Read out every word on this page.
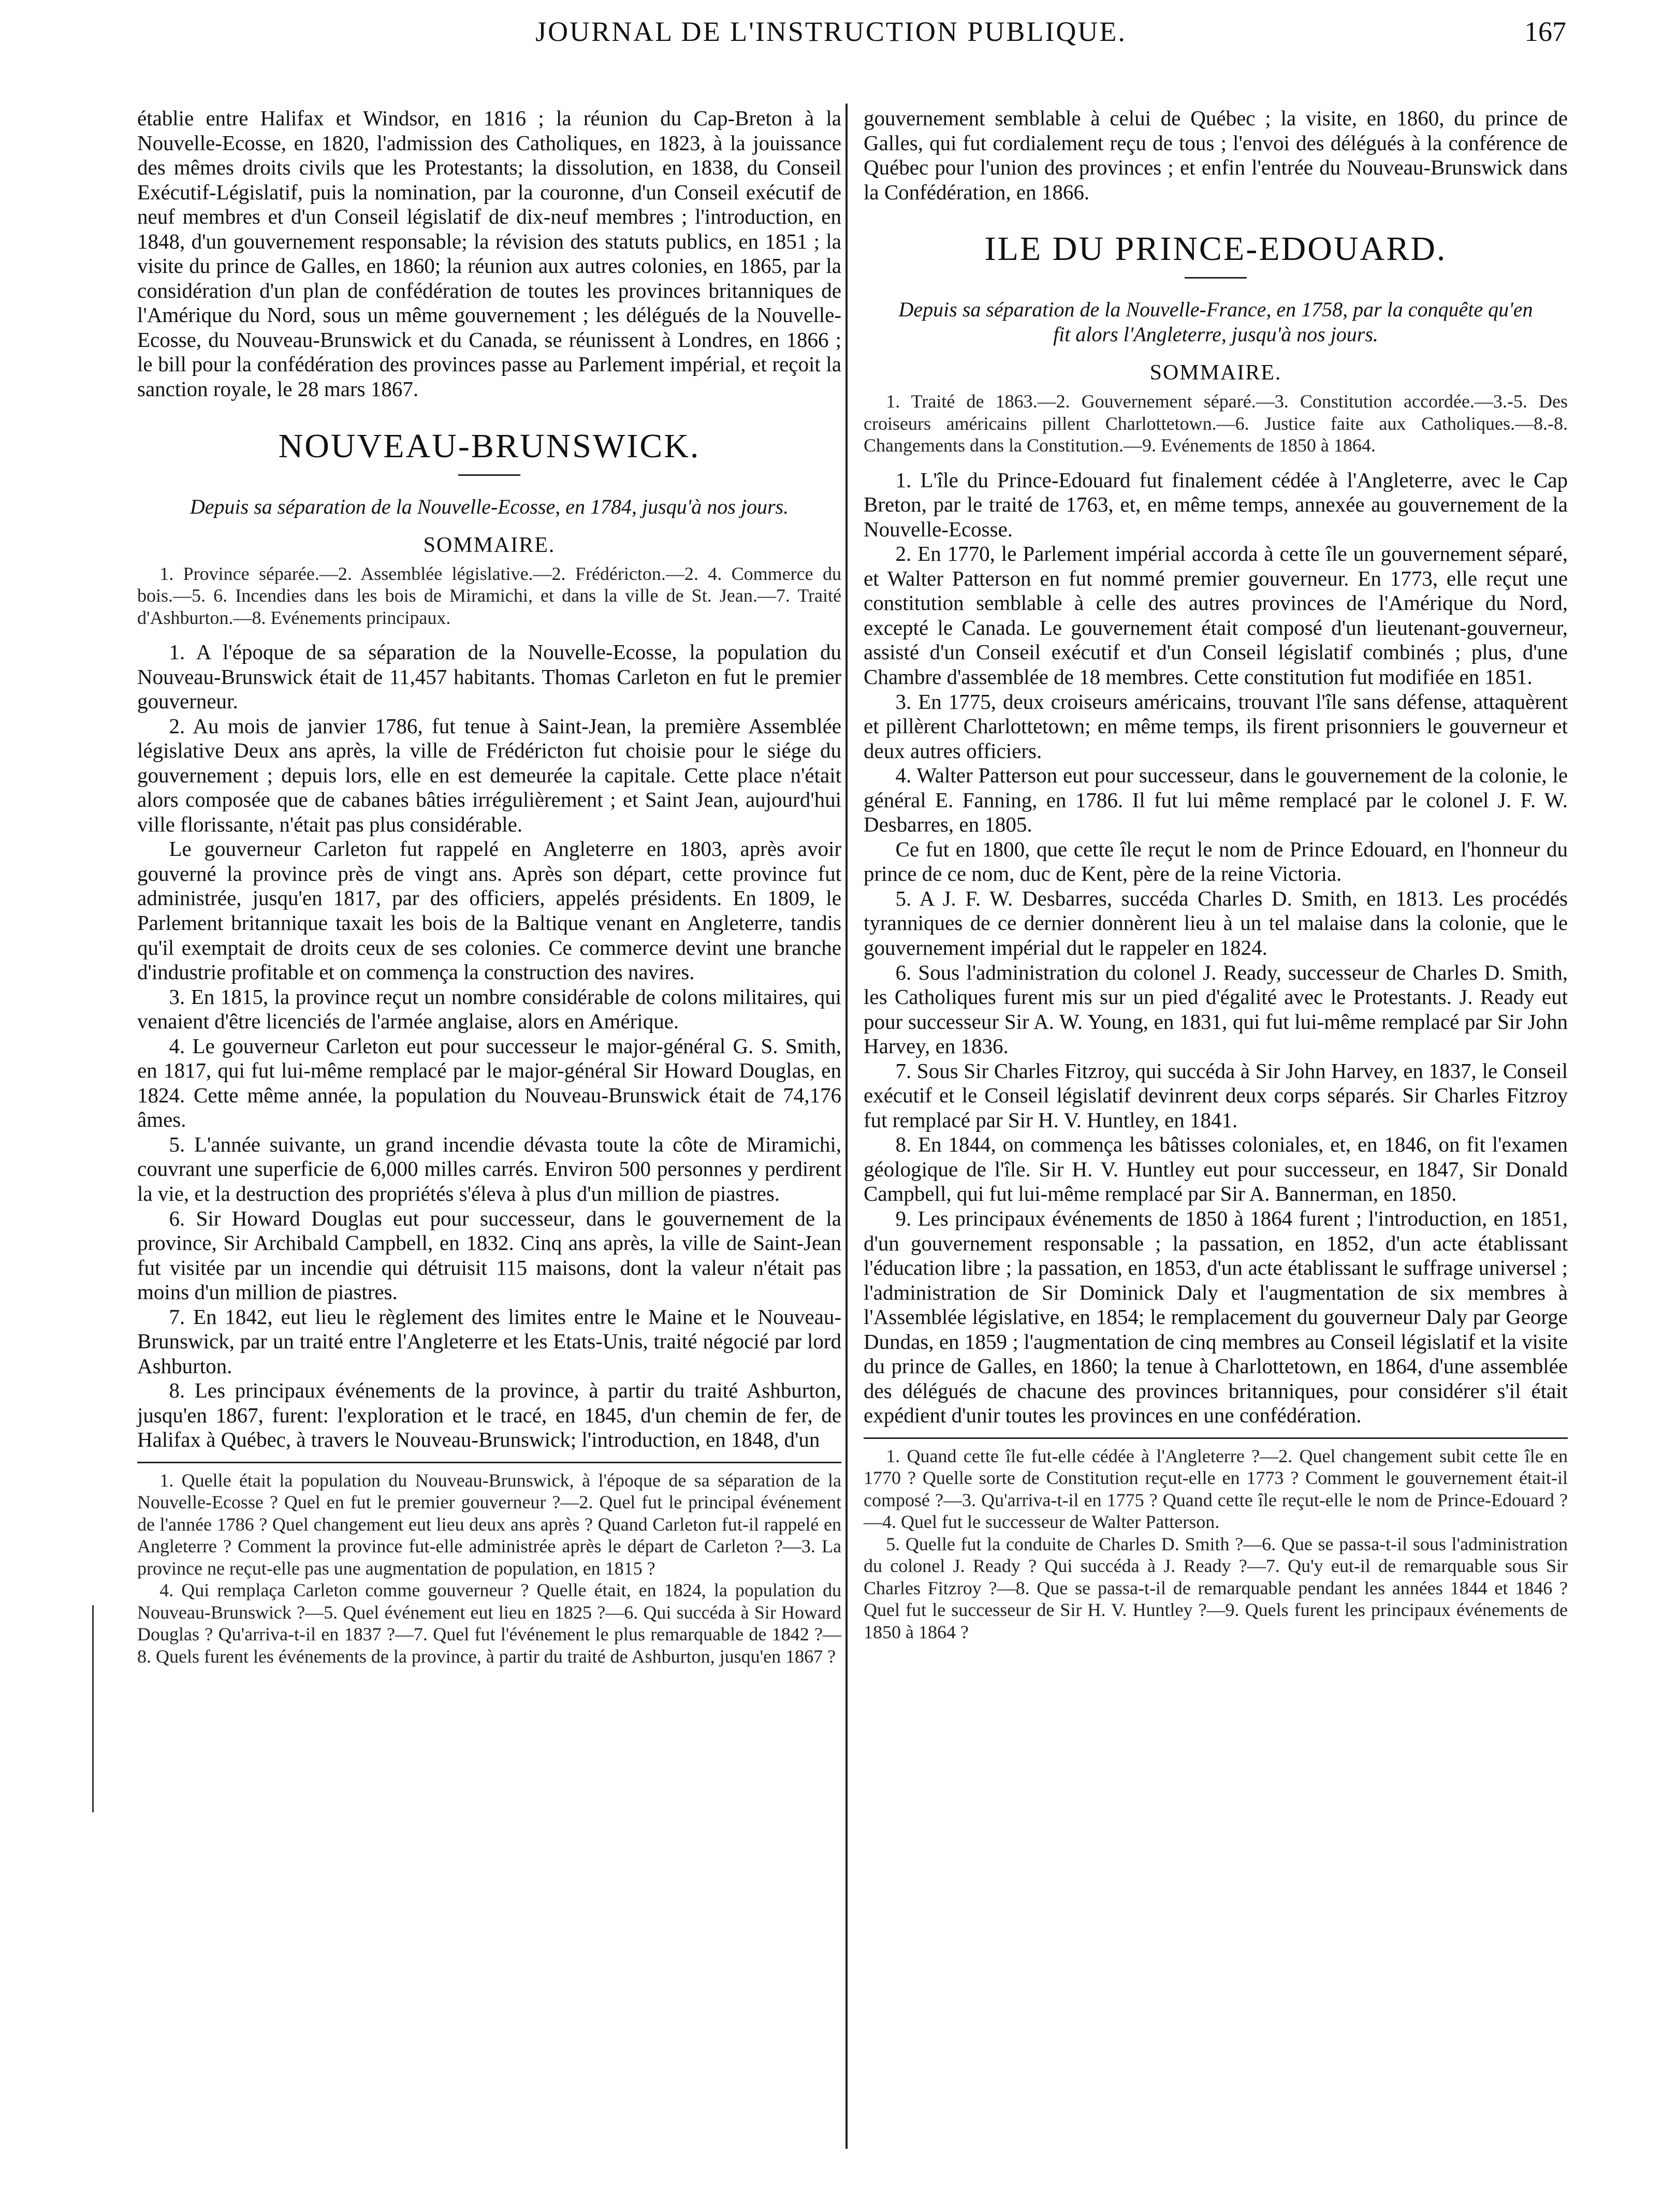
JOURNAL DE L'INSTRUCTION PUBLIQUE.	167

établie entre Halifax et Windsor, en 1816 ; la réunion du Cap-Breton à la Nouvelle-Ecosse, en 1820, l'admission des Catholiques, en 1823, à la jouissance des mêmes droits civils que les Protestants; la dissolution, en 1838, du Conseil Exécutif-Législatif, puis la nomination, par la couronne, d'un Conseil exécutif de neuf membres et d'un Conseil législatif de dix-neuf membres ; l'introduction, en 1848, d'un gouvernement responsable; la révision des statuts publics, en 1851 ; la visite du prince de Galles, en 1860; la réunion aux autres colonies, en 1865, par la considération d'un plan de confédération de toutes les provinces britanniques de l'Amérique du Nord, sous un même gouvernement ; les délégués de la Nouvelle-Ecosse, du Nouveau-Brunswick et du Canada, se réunissent à Londres, en 1866 ; le bill pour la confédération des provinces passe au Parlement impérial, et reçoit la sanction royale, le 28 mars 1867.

NOUVEAU-BRUNSWICK.
Depuis sa séparation de la Nouvelle-Ecosse, en 1784, jusqu'à nos jours.
SOMMAIRE.
1. Province séparée.—2. Assemblée législative.—2. Frédéricton.—2. 4. Commerce du bois.—5. 6. Incendies dans les bois de Miramichi, et dans la ville de St. Jean.—7. Traité d'Ashburton.—8. Evénements principaux.

1. A l'époque de sa séparation de la Nouvelle-Ecosse, la population du Nouveau-Brunswick était de 11,457 habitants. Thomas Carleton en fut le premier gouverneur.

2. Au mois de janvier 1786, fut tenue à Saint-Jean, la première Assemblée législative Deux ans après, la ville de Frédéricton fut choisie pour le siége du gouvernement ; depuis lors, elle en est demeurée la capitale. Cette place n'était alors composée que de cabanes bâties irrégulièrement ; et Saint Jean, aujourd'hui ville florissante, n'était pas plus considérable.

Le gouverneur Carleton fut rappelé en Angleterre en 1803, après avoir gouverné la province près de vingt ans. Après son départ, cette province fut administrée, jusqu'en 1817, par des officiers, appelés présidents. En 1809, le Parlement britannique taxait les bois de la Baltique venant en Angleterre, tandis qu'il exemptait de droits ceux de ses colonies. Ce commerce devint une branche d'industrie profitable et on commença la construction des navires.

3. En 1815, la province reçut un nombre considérable de colons militaires, qui venaient d'être licenciés de l'armée anglaise, alors en Amérique.

4. Le gouverneur Carleton eut pour successeur le major-général G. S. Smith, en 1817, qui fut lui-même remplacé par le major-général Sir Howard Douglas, en 1824. Cette même année, la population du Nouveau-Brunswick était de 74,176 âmes.

5. L'année suivante, un grand incendie dévasta toute la côte de Miramichi, couvrant une superficie de 6,000 milles carrés. Environ 500 personnes y perdirent la vie, et la destruction des propriétés s'éleva à plus d'un million de piastres.

6. Sir Howard Douglas eut pour successeur, dans le gouvernement de la province, Sir Archibald Campbell, en 1832. Cinq ans après, la ville de Saint-Jean fut visitée par un incendie qui détruisit 115 maisons, dont la valeur n'était pas moins d'un million de piastres.

7. En 1842, eut lieu le règlement des limites entre le Maine et le Nouveau-Brunswick, par un traité entre l'Angleterre et les Etats-Unis, traité négocié par lord Ashburton.

8. Les principaux événements de la province, à partir du traité Ashburton, jusqu'en 1867, furent: l'exploration et le tracé, en 1845, d'un chemin de fer, de Halifax à Québec, à travers le Nouveau-Brunswick; l'introduction, en 1848, d'un

1. Quelle était la population du Nouveau-Brunswick, à l'époque de sa séparation de la Nouvelle-Ecosse ? Quel en fut le premier gouverneur ?—2. Quel fut le principal événement de l'année 1786 ? Quel changement eut lieu deux ans après ? Quand Carleton fut-il rappelé en Angleterre ? Comment la province fut-elle administrée après le départ de Carleton ?—3. La province ne reçut-elle pas une augmentation de population, en 1815 ?

4. Qui remplaça Carleton comme gouverneur ? Quelle était, en 1824, la population du Nouveau-Brunswick ?—5. Quel événement eut lieu en 1825 ?—6. Qui succéda à Sir Howard Douglas ? Qu'arriva-t-il en 1837 ?—7. Quel fut l'événement le plus remarquable de 1842 ?—8. Quels furent les événements de la province, à partir du traité de Ashburton, jusqu'en 1867 ?

gouvernement semblable à celui de Québec ; la visite, en 1860, du prince de Galles, qui fut cordialement reçu de tous ; l'envoi des délégués à la conférence de Québec pour l'union des provinces ; et enfin l'entrée du Nouveau-Brunswick dans la Confédération, en 1866.

ILE DU PRINCE-EDOUARD.
Depuis sa séparation de la Nouvelle-France, en 1758, par la conquête qu'en fit alors l'Angleterre, jusqu'à nos jours.
SOMMAIRE.
1. Traité de 1863.—2. Gouvernement séparé.—3. Constitution accordée.—3.-5. Des croiseurs américains pillent Charlottetown.—6. Justice faite aux Catholiques.—8.-8. Changements dans la Constitution.—9. Evénements de 1850 à 1864.

1. L'île du Prince-Edouard fut finalement cédée à l'Angleterre, avec le Cap Breton, par le traité de 1763, et, en même temps, annexée au gouvernement de la Nouvelle-Ecosse.

2. En 1770, le Parlement impérial accorda à cette île un gouvernement séparé, et Walter Patterson en fut nommé premier gouverneur. En 1773, elle reçut une constitution semblable à celle des autres provinces de l'Amérique du Nord, excepté le Canada. Le gouvernement était composé d'un lieutenant-gouverneur, assisté d'un Conseil exécutif et d'un Conseil législatif combinés ; plus, d'une Chambre d'assemblée de 18 membres. Cette constitution fut modifiée en 1851.

3. En 1775, deux croiseurs américains, trouvant l'île sans défense, attaquèrent et pillèrent Charlottetown; en même temps, ils firent prisonniers le gouverneur et deux autres officiers.

4. Walter Patterson eut pour successeur, dans le gouvernement de la colonie, le général E. Fanning, en 1786. Il fut lui même remplacé par le colonel J. F. W. Desbarres, en 1805.

Ce fut en 1800, que cette île reçut le nom de Prince Edouard, en l'honneur du prince de ce nom, duc de Kent, père de la reine Victoria.

5. A J. F. W. Desbarres, succéda Charles D. Smith, en 1813. Les procédés tyranniques de ce dernier donnèrent lieu à un tel malaise dans la colonie, que le gouvernement impérial dut le rappeler en 1824.

6. Sous l'administration du colonel J. Ready, successeur de Charles D. Smith, les Catholiques furent mis sur un pied d'égalité avec le Protestants. J. Ready eut pour successeur Sir A. W. Young, en 1831, qui fut lui-même remplacé par Sir John Harvey, en 1836.

7. Sous Sir Charles Fitzroy, qui succéda à Sir John Harvey, en 1837, le Conseil exécutif et le Conseil législatif devinrent deux corps séparés. Sir Charles Fitzroy fut remplacé par Sir H. V. Huntley, en 1841.

8. En 1844, on commença les bâtisses coloniales, et, en 1846, on fit l'examen géologique de l'île. Sir H. V. Huntley eut pour successeur, en 1847, Sir Donald Campbell, qui fut lui-même remplacé par Sir A. Bannerman, en 1850.

9. Les principaux événements de 1850 à 1864 furent ; l'introduction, en 1851, d'un gouvernement responsable ; la passation, en 1852, d'un acte établissant l'éducation libre ; la passation, en 1853, d'un acte établissant le suffrage universel ; l'administration de Sir Dominick Daly et l'augmentation de six membres à l'Assemblée législative, en 1854; le remplacement du gouverneur Daly par George Dundas, en 1859 ; l'augmentation de cinq membres au Conseil législatif et la visite du prince de Galles, en 1860; la tenue à Charlottetown, en 1864, d'une assemblée des délégués de chacune des provinces britanniques, pour considérer s'il était expédient d'unir toutes les provinces en une confédération.

1. Quand cette île fut-elle cédée à l'Angleterre ?—2. Quel changement subit cette île en 1770 ? Quelle sorte de Constitution reçut-elle en 1773 ? Comment le gouvernement était-il composé ?—3. Qu'arriva-t-il en 1775 ? Quand cette île reçut-elle le nom de Prince-Edouard ?—4. Quel fut le successeur de Walter Patterson.

5. Quelle fut la conduite de Charles D. Smith ?—6. Que se passa-t-il sous l'administration du colonel J. Ready ? Qui succéda à J. Ready ?—7. Qu'y eut-il de remarquable sous Sir Charles Fitzroy ?—8. Que se passa-t-il de remarquable pendant les années 1844 et 1846 ? Quel fut le successeur de Sir H. V. Huntley ?—9. Quels furent les principaux événements de 1850 à 1864 ?
